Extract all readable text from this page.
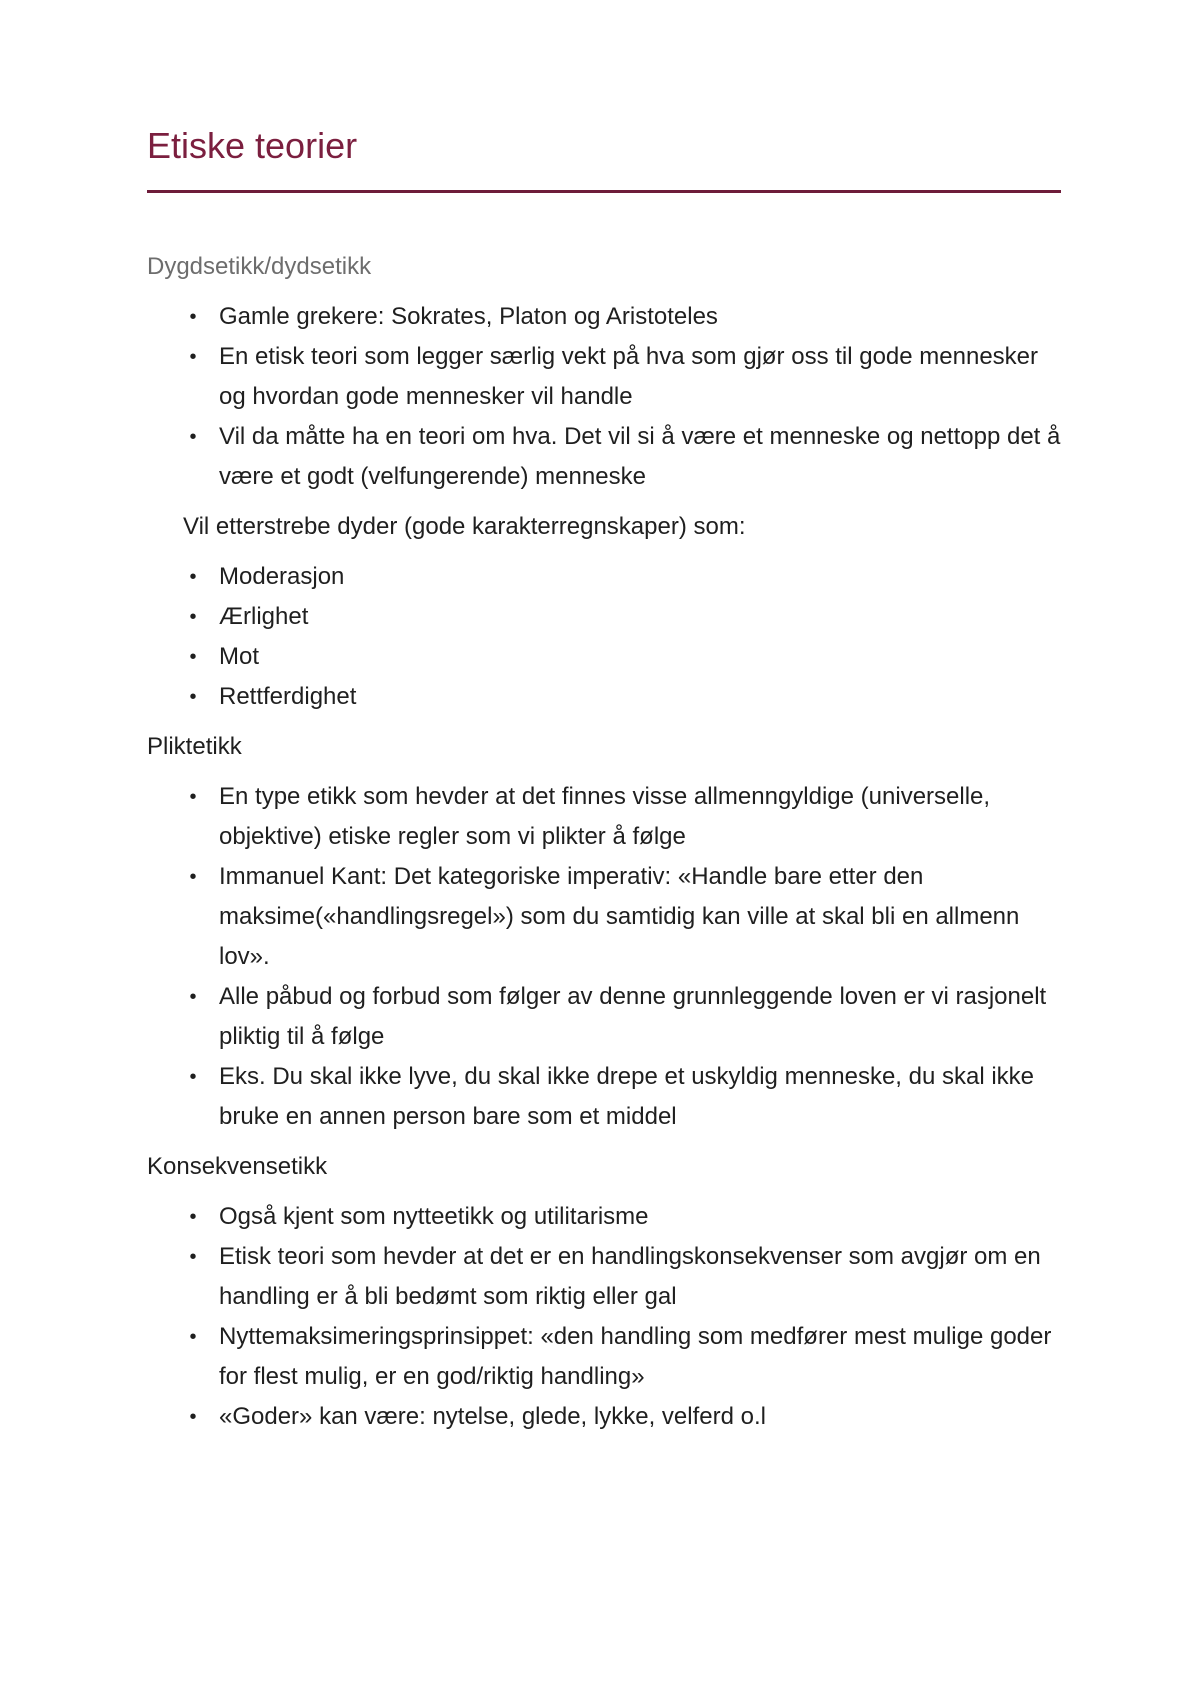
Etiske teorier

Dygdsetikk/dydsetikk

• Gamle grekere: Sokrates, Platon og Aristoteles
• En etisk teori som legger særlig vekt på hva som gjør oss til gode mennesker og hvordan gode mennesker vil handle
• Vil da måtte ha en teori om hva. Det vil si å være et menneske og nettopp det å være et godt (velfungerende) menneske

Vil etterstrebe dyder (gode karakterregnskaper) som:

• Moderasjon
• Ærlighet
• Mot
• Rettferdighet

Pliktetikk

• En type etikk som hevder at det finnes visse allmenngyldige (universelle, objektive) etiske regler som vi plikter å følge
• Immanuel Kant: Det kategoriske imperativ: «Handle bare etter den maksime(«handlingsregel») som du samtidig kan ville at skal bli en allmenn lov».
• Alle påbud og forbud som følger av denne grunnleggende loven er vi rasjonelt pliktig til å følge
• Eks. Du skal ikke lyve, du skal ikke drepe et uskyldig menneske, du skal ikke bruke en annen person bare som et middel

Konsekvensetikk

• Også kjent som nytteetikk og utilitarisme
• Etisk teori som hevder at det er en handlingskonsekvenser som avgjør om en handling er å bli bedømt som riktig eller gal
• Nyttemaksimeringsprinsippet: «den handling som medfører mest mulige goder for flest mulig, er en god/riktig handling»
• «Goder» kan være: nytelse, glede, lykke, velferd o.l
